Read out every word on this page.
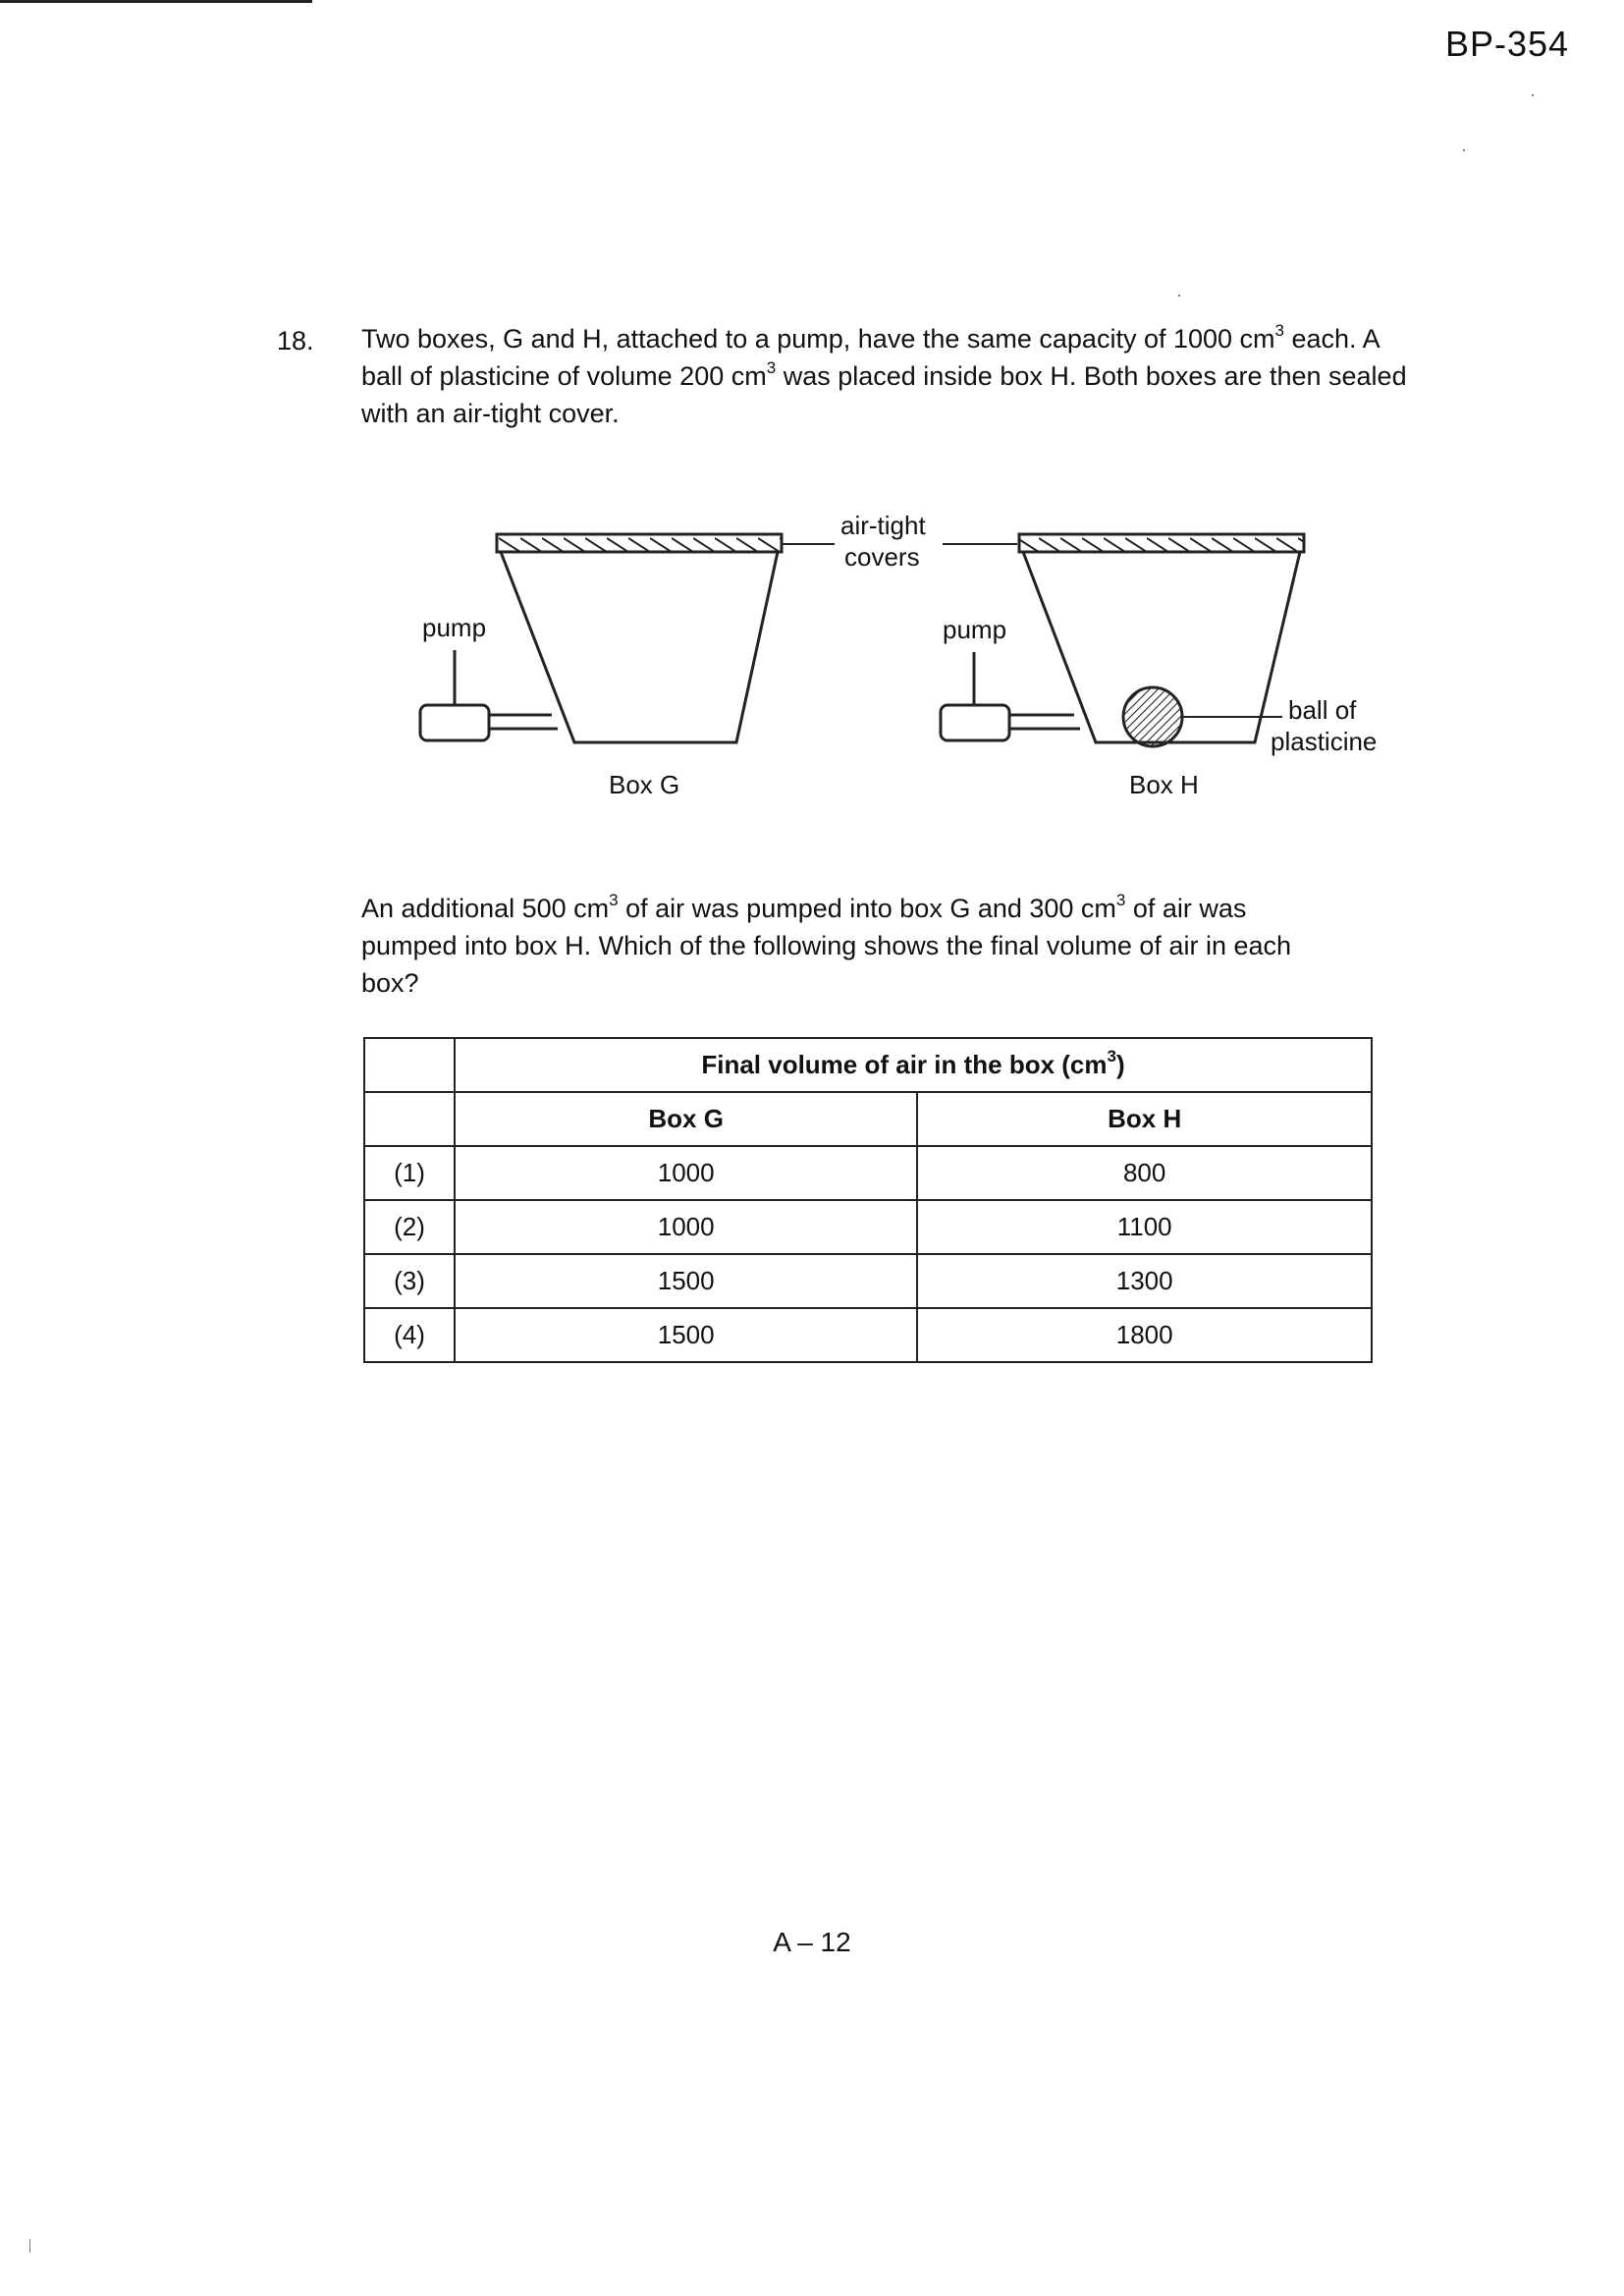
BP-354
18. Two boxes, G and H, attached to a pump, have the same capacity of 1000 $cm^3$ each. A ball of plasticine of volume 200 $cm^3$ was placed inside box H. Both boxes are then sealed with an air-tight cover.

pump
Box G
air-tight
covers
pump
Box H
ball of
plasticine

An additional 500 $cm^3$ of air was pumped into box G and 300 $cm^3$ of air was pumped into box H. Which of the following shows the final volume of air in each box?

	Final volume of air in the box $(cm^3)$	
	Box G	Box H
(1)	1000	800
(2)	1000	1100
(3)	1500	1300
(4)	1500	1800
A – 12
